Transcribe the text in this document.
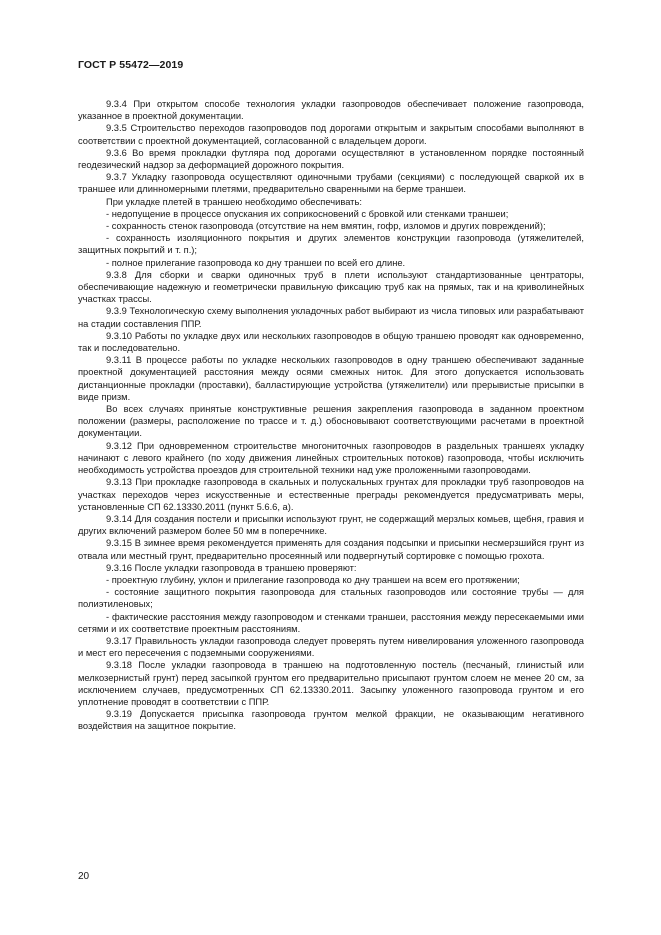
ГОСТ Р 55472—2019

9.3.4 При открытом способе технология укладки газопроводов обеспечивает положение газопровода, указанное в проектной документации.

9.3.5 Строительство переходов газопроводов под дорогами открытым и закрытым способами выполняют в соответствии с проектной документацией, согласованной с владельцем дороги.

9.3.6 Во время прокладки футляра под дорогами осуществляют в установленном порядке постоянный геодезический надзор за деформацией дорожного покрытия.

9.3.7 Укладку газопровода осуществляют одиночными трубами (секциями) с последующей сваркой их в траншее или длинномерными плетями, предварительно сваренными на берме траншеи.

При укладке плетей в траншею необходимо обеспечивать:

- недопущение в процессе опускания их соприкосновений с бровкой или стенками траншеи;

- сохранность стенок газопровода (отсутствие на нем вмятин, гофр, изломов и других повреждений);

- сохранность изоляционного покрытия и других элементов конструкции газопровода (утяжелителей, защитных покрытий и т. п.);

- полное прилегание газопровода ко дну траншеи по всей его длине.

9.3.8 Для сборки и сварки одиночных труб в плети используют стандартизованные центраторы, обеспечивающие надежную и геометрически правильную фиксацию труб как на прямых, так и на криволинейных участках трассы.

9.3.9 Технологическую схему выполнения укладочных работ выбирают из числа типовых или разрабатывают на стадии составления ППР.

9.3.10 Работы по укладке двух или нескольких газопроводов в общую траншею проводят как одновременно, так и последовательно.

9.3.11 В процессе работы по укладке нескольких газопроводов в одну траншею обеспечивают заданные проектной документацией расстояния между осями смежных ниток. Для этого допускается использовать дистанционные прокладки (проставки), балластирующие устройства (утяжелители) или прерывистые присыпки в виде призм.

Во всех случаях принятые конструктивные решения закрепления газопровода в заданном проектном положении (размеры, расположение по трассе и т. д.) обосновывают соответствующими расчетами в проектной документации.

9.3.12 При одновременном строительстве многониточных газопроводов в раздельных траншеях укладку начинают с левого крайнего (по ходу движения линейных строительных потоков) газопровода, чтобы исключить необходимость устройства проездов для строительной техники над уже проложенными газопроводами.

9.3.13 При прокладке газопровода в скальных и полускальных грунтах для прокладки труб газопроводов на участках переходов через искусственные и естественные преграды рекомендуется предусматривать меры, установленные СП 62.13330.2011 (пункт 5.6.6, а).

9.3.14 Для создания постели и присыпки используют грунт, не содержащий мерзлых комьев, щебня, гравия и других включений размером более 50 мм в поперечнике.

9.3.15 В зимнее время рекомендуется применять для создания подсыпки и присыпки несмерзшийся грунт из отвала или местный грунт, предварительно просеянный или подвергнутый сортировке с помощью грохота.

9.3.16 После укладки газопровода в траншею проверяют:

- проектную глубину, уклон и прилегание газопровода ко дну траншеи на всем его протяжении;

- состояние защитного покрытия газопровода для стальных газопроводов или состояние трубы — для полиэтиленовых;

- фактические расстояния между газопроводом и стенками траншеи, расстояния между пересекаемыми ими сетями и их соответствие проектным расстояниям.

9.3.17 Правильность укладки газопровода следует проверять путем нивелирования уложенного газопровода и мест его пересечения с подземными сооружениями.

9.3.18 После укладки газопровода в траншею на подготовленную постель (песчаный, глинистый или мелкозернистый грунт) перед засыпкой грунтом его предварительно присыпают грунтом слоем не менее 20 см, за исключением случаев, предусмотренных СП 62.13330.2011. Засыпку уложенного газопровода грунтом и его уплотнение проводят в соответствии с ППР.

9.3.19 Допускается присыпка газопровода грунтом мелкой фракции, не оказывающим негативного воздействия на защитное покрытие.

20
